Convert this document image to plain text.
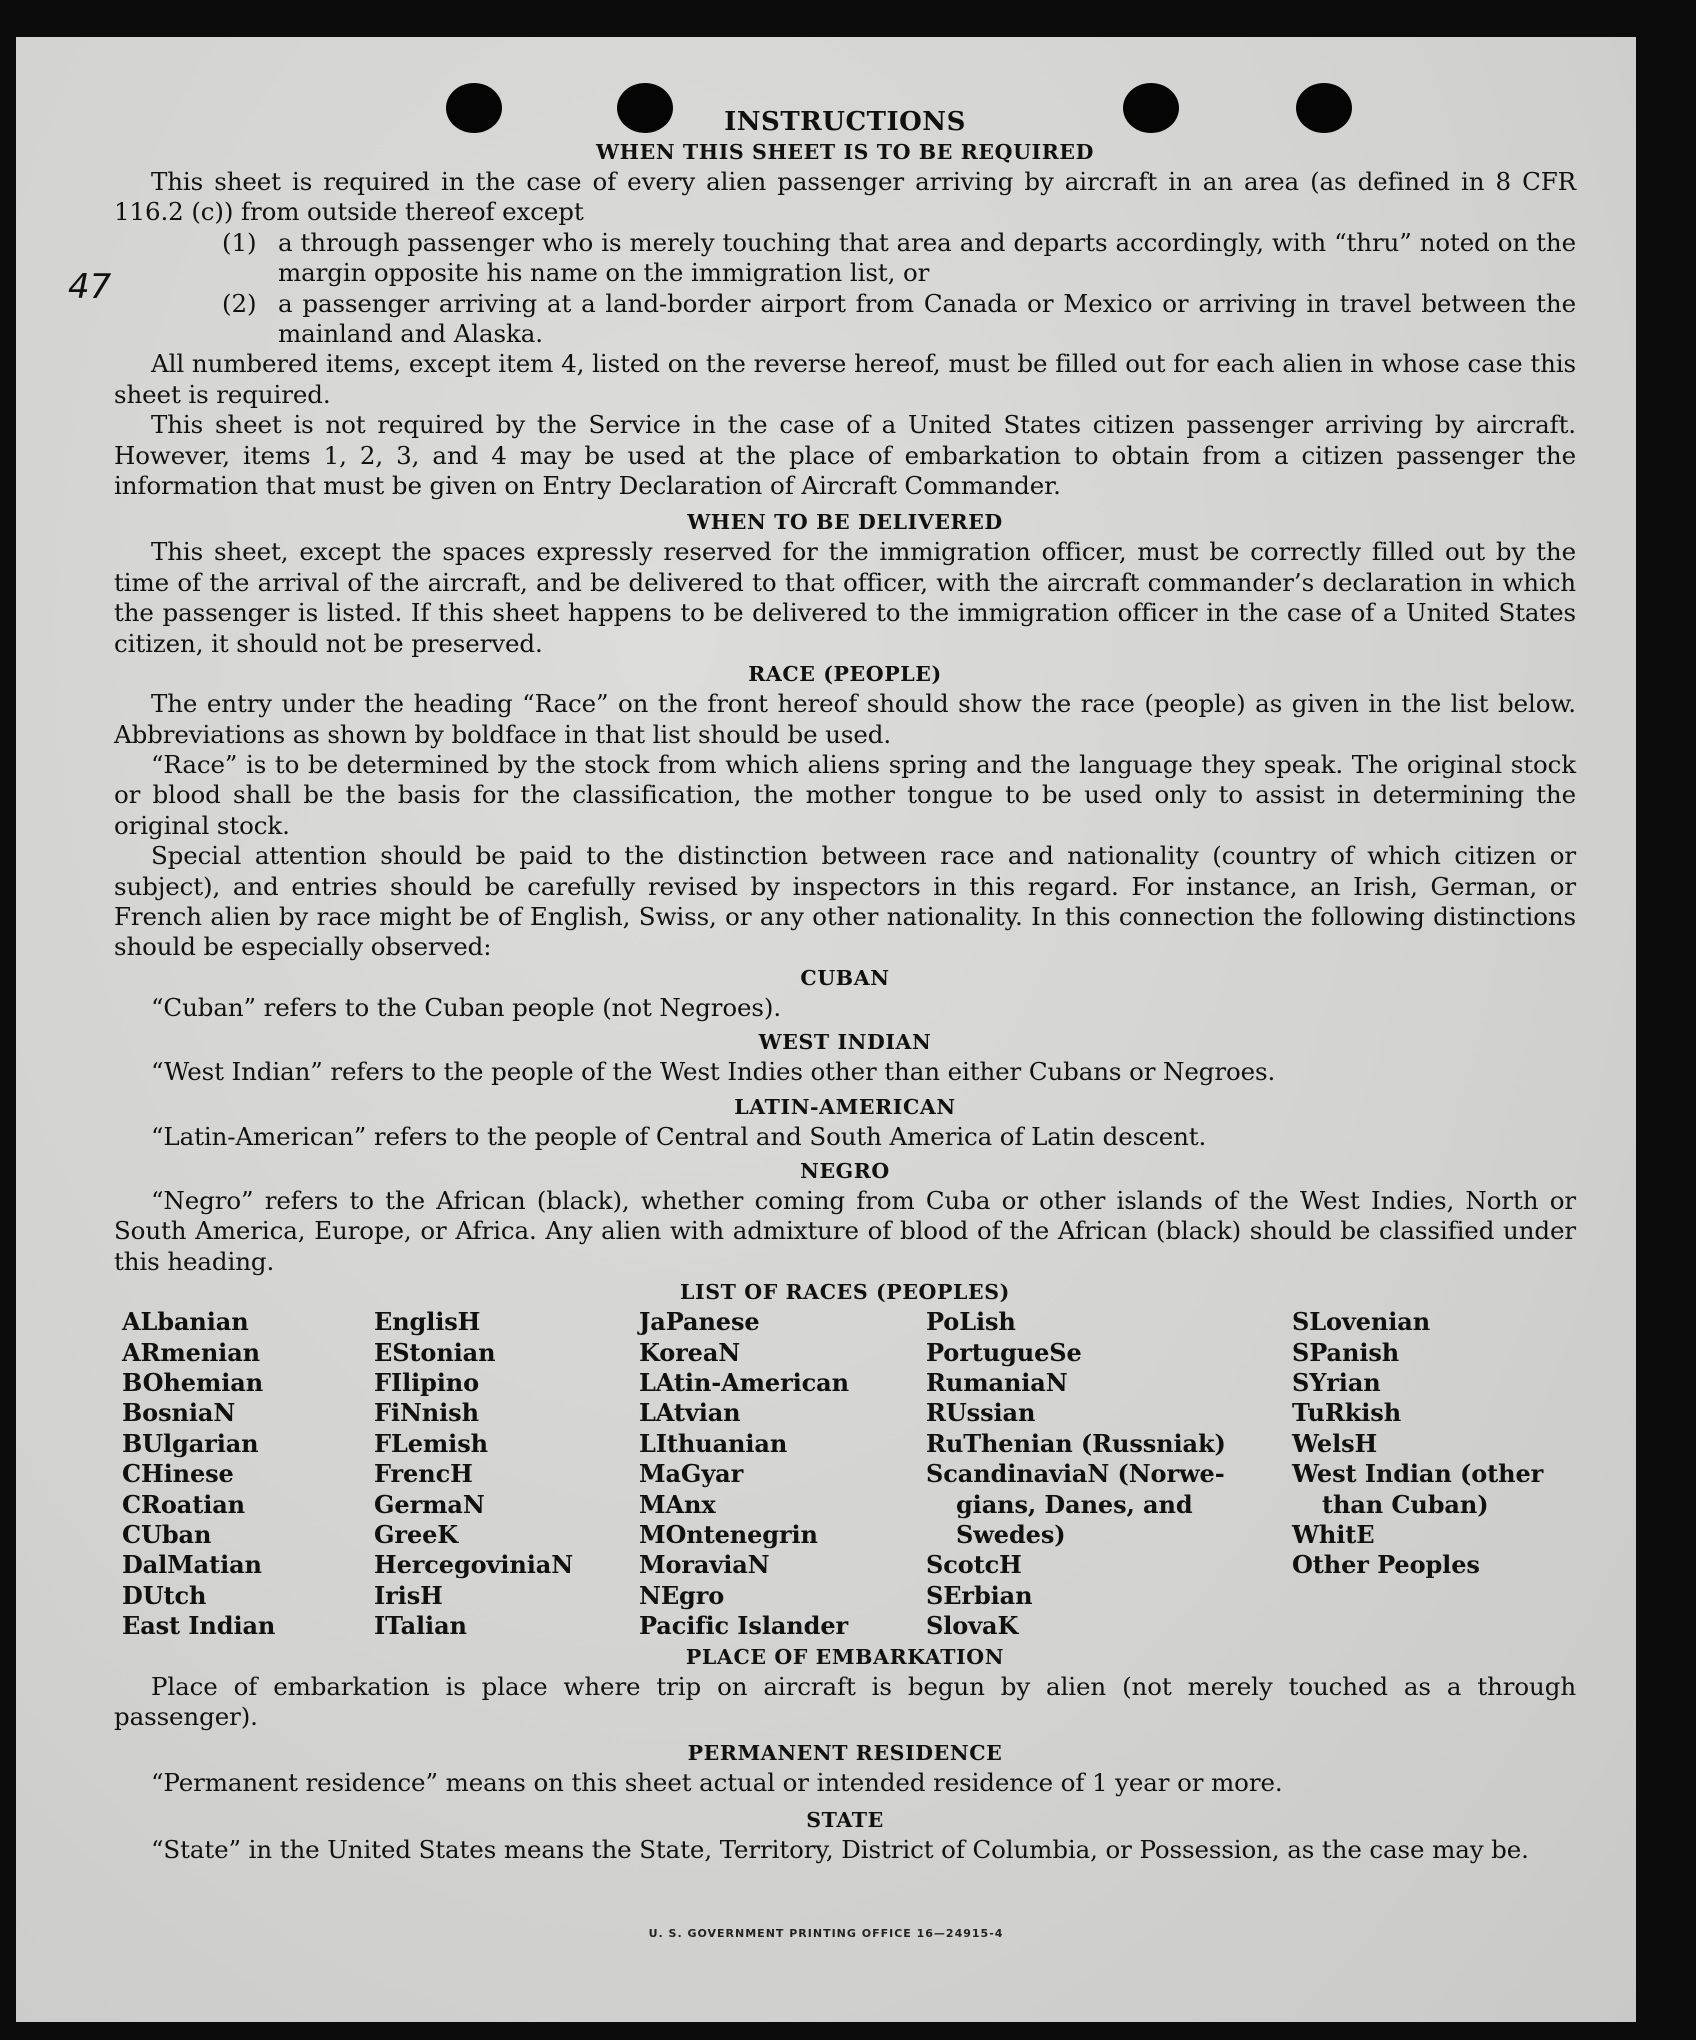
47

INSTRUCTIONS

WHEN THIS SHEET IS TO BE REQUIRED

This sheet is required in the case of every alien passenger arriving by aircraft in an area (as defined in 8 CFR 116.2 (c)) from outside thereof except

(1) a through passenger who is merely touching that area and departs accordingly, with “thru” noted on the margin opposite his name on the immigration list, or
(2) a passenger arriving at a land-border airport from Canada or Mexico or arriving in travel between the mainland and Alaska.

All numbered items, except item 4, listed on the reverse hereof, must be filled out for each alien in whose case this sheet is required.

This sheet is not required by the Service in the case of a United States citizen passenger arriving by aircraft. However, items 1, 2, 3, and 4 may be used at the place of embarkation to obtain from a citizen passenger the information that must be given on Entry Declaration of Aircraft Commander.

WHEN TO BE DELIVERED

This sheet, except the spaces expressly reserved for the immigration officer, must be correctly filled out by the time of the arrival of the aircraft, and be delivered to that officer, with the aircraft commander’s declaration in which the passenger is listed. If this sheet happens to be delivered to the immigration officer in the case of a United States citizen, it should not be preserved.

RACE (PEOPLE)

The entry under the heading “Race” on the front hereof should show the race (people) as given in the list below. Abbreviations as shown by boldface in that list should be used.

“Race” is to be determined by the stock from which aliens spring and the language they speak. The original stock or blood shall be the basis for the classification, the mother tongue to be used only to assist in determining the original stock.

Special attention should be paid to the distinction between race and nationality (country of which citizen or subject), and entries should be carefully revised by inspectors in this regard. For instance, an Irish, German, or French alien by race might be of English, Swiss, or any other nationality. In this connection the following distinctions should be especially observed:

CUBAN

“Cuban” refers to the Cuban people (not Negroes).

WEST INDIAN

“West Indian” refers to the people of the West Indies other than either Cubans or Negroes.

LATIN-AMERICAN

“Latin-American” refers to the people of Central and South America of Latin descent.

NEGRO

“Negro” refers to the African (black), whether coming from Cuba or other islands of the West Indies, North or South America, Europe, or Africa. Any alien with admixture of blood of the African (black) should be classified under this heading.

LIST OF RACES (PEOPLES)

ALbanian
ARmenian
BOhemian
BosniaN
BUlgarian
CHinese
CRoatian
CUban
DalMatian
DUtch
East Indian
EnglisH
EStonian
FIlipino
FiNnish
FLemish
FrencH
GermaN
GreeK
HercegoviniaN
IrisH
ITalian
JaPanese
KoreaN
LAtin-American
LAtvian
LIthuanian
MaGyar
MAnx
MOntenegrin
MoraviaN
NEgro
Pacific Islander
PoLish
PortugueSe
RumaniaN
RUssian
RuThenian (Russniak)
ScandinaviaN (Norwe-
gians, Danes, and
Swedes)
ScotcH
SErbian
SlovaK
SLovenian
SPanish
SYrian
TuRkish
WelsH
West Indian (other
than Cuban)
WhitE
Other Peoples

PLACE OF EMBARKATION

Place of embarkation is place where trip on aircraft is begun by alien (not merely touched as a through passenger).

PERMANENT RESIDENCE

“Permanent residence” means on this sheet actual or intended residence of 1 year or more.

STATE

“State” in the United States means the State, Territory, District of Columbia, or Possession, as the case may be.

U. S. GOVERNMENT PRINTING OFFICE 16—24915-4
